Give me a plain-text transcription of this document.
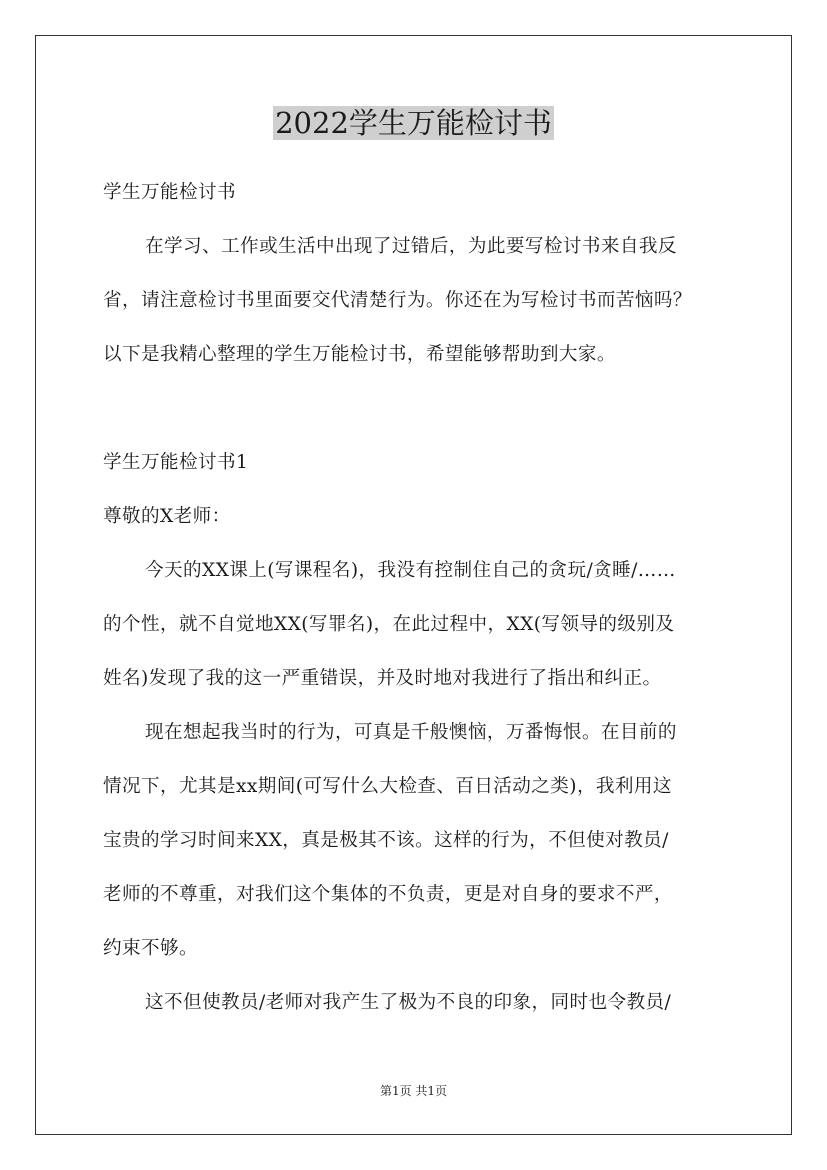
2022学生万能检讨书
学生万能检讨书
在学习、工作或生活中出现了过错后，为此要写检讨书来自我反
省，请注意检讨书里面要交代清楚行为。你还在为写检讨书而苦恼吗？
以下是我精心整理的学生万能检讨书，希望能够帮助到大家。
学生万能检讨书1
尊敬的X老师：
今天的XX课上(写课程名)，我没有控制住自己的贪玩/贪睡/……
的个性，就不自觉地XX(写罪名)，在此过程中，XX(写领导的级别及
姓名)发现了我的这一严重错误，并及时地对我进行了指出和纠正。
现在想起我当时的行为，可真是千般懊恼，万番悔恨。在目前的
情况下，尤其是xx期间(可写什么大检查、百日活动之类)，我利用这
宝贵的学习时间来XX，真是极其不该。这样的行为，不但使对教员/
老师的不尊重，对我们这个集体的不负责，更是对自身的要求不严，
约束不够。
这不但使教员/老师对我产生了极为不良的印象，同时也令教员/
第1页 共1页
